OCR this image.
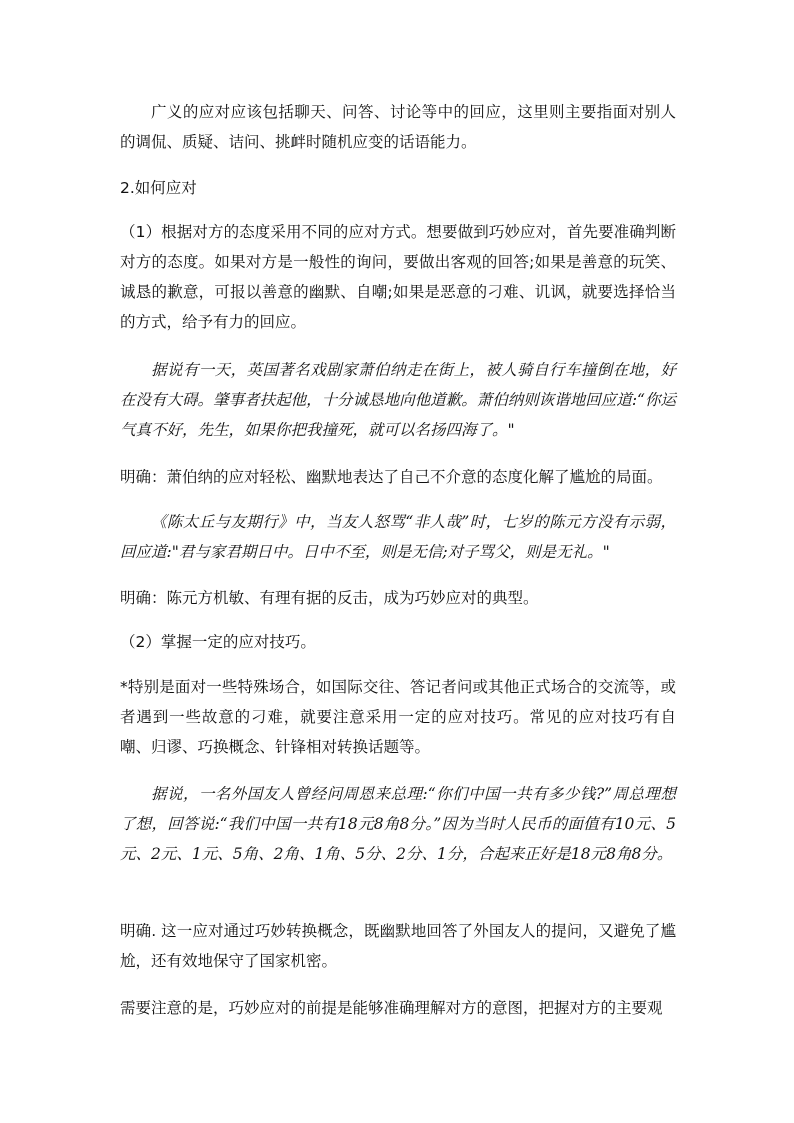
广义的应对应该包括聊天、问答、讨论等中的回应，这里则主要指面对别人的调侃、质疑、诘问、挑衅时随机应变的话语能力。

2.如何应对

（1）根据对方的态度采用不同的应对方式。想要做到巧妙应对，首先要准确判断对方的态度。如果对方是一般性的询问，要做出客观的回答;如果是善意的玩笑、诚恳的歉意，可报以善意的幽默、自嘲;如果是恶意的刁难、讥讽，就要选择恰当的方式，给予有力的回应。

据说有一天，英国著名戏剧家萧伯纳走在街上，被人骑自行车撞倒在地，好在没有大碍。肇事者扶起他，十分诚恳地向他道歉。萧伯纳则诙谐地回应道:“你运气真不好，先生，如果你把我撞死，就可以名扬四海了。"

明确：萧伯纳的应对轻松、幽默地表达了自己不介意的态度化解了尴尬的局面。

《陈太丘与友期行》中，当友人怒骂“非人哉”时，七岁的陈元方没有示弱，回应道:"君与家君期日中。日中不至，则是无信;对子骂父，则是无礼。"

明确：陈元方机敏、有理有据的反击，成为巧妙应对的典型。

（2）掌握一定的应对技巧。

*特别是面对一些特殊场合，如国际交往、答记者问或其他正式场合的交流等，或者遇到一些故意的刁难，就要注意采用一定的应对技巧。常见的应对技巧有自嘲、归谬、巧换概念、针锋相对转换话题等。

据说，一名外国友人曾经问周恩来总理:“你们中国一共有多少钱?”周总理想了想，回答说:“我们中国一共有18元8角8分。”因为当时人民币的面值有10元、5元、2元、1元、5角、2角、1角、5分、2分、1分，合起来正好是18元8角8分。

明确. 这一应对通过巧妙转换概念，既幽默地回答了外国友人的提问，又避免了尴尬，还有效地保守了国家机密。

需要注意的是，巧妙应对的前提是能够准确理解对方的意图，把握对方的主要观
